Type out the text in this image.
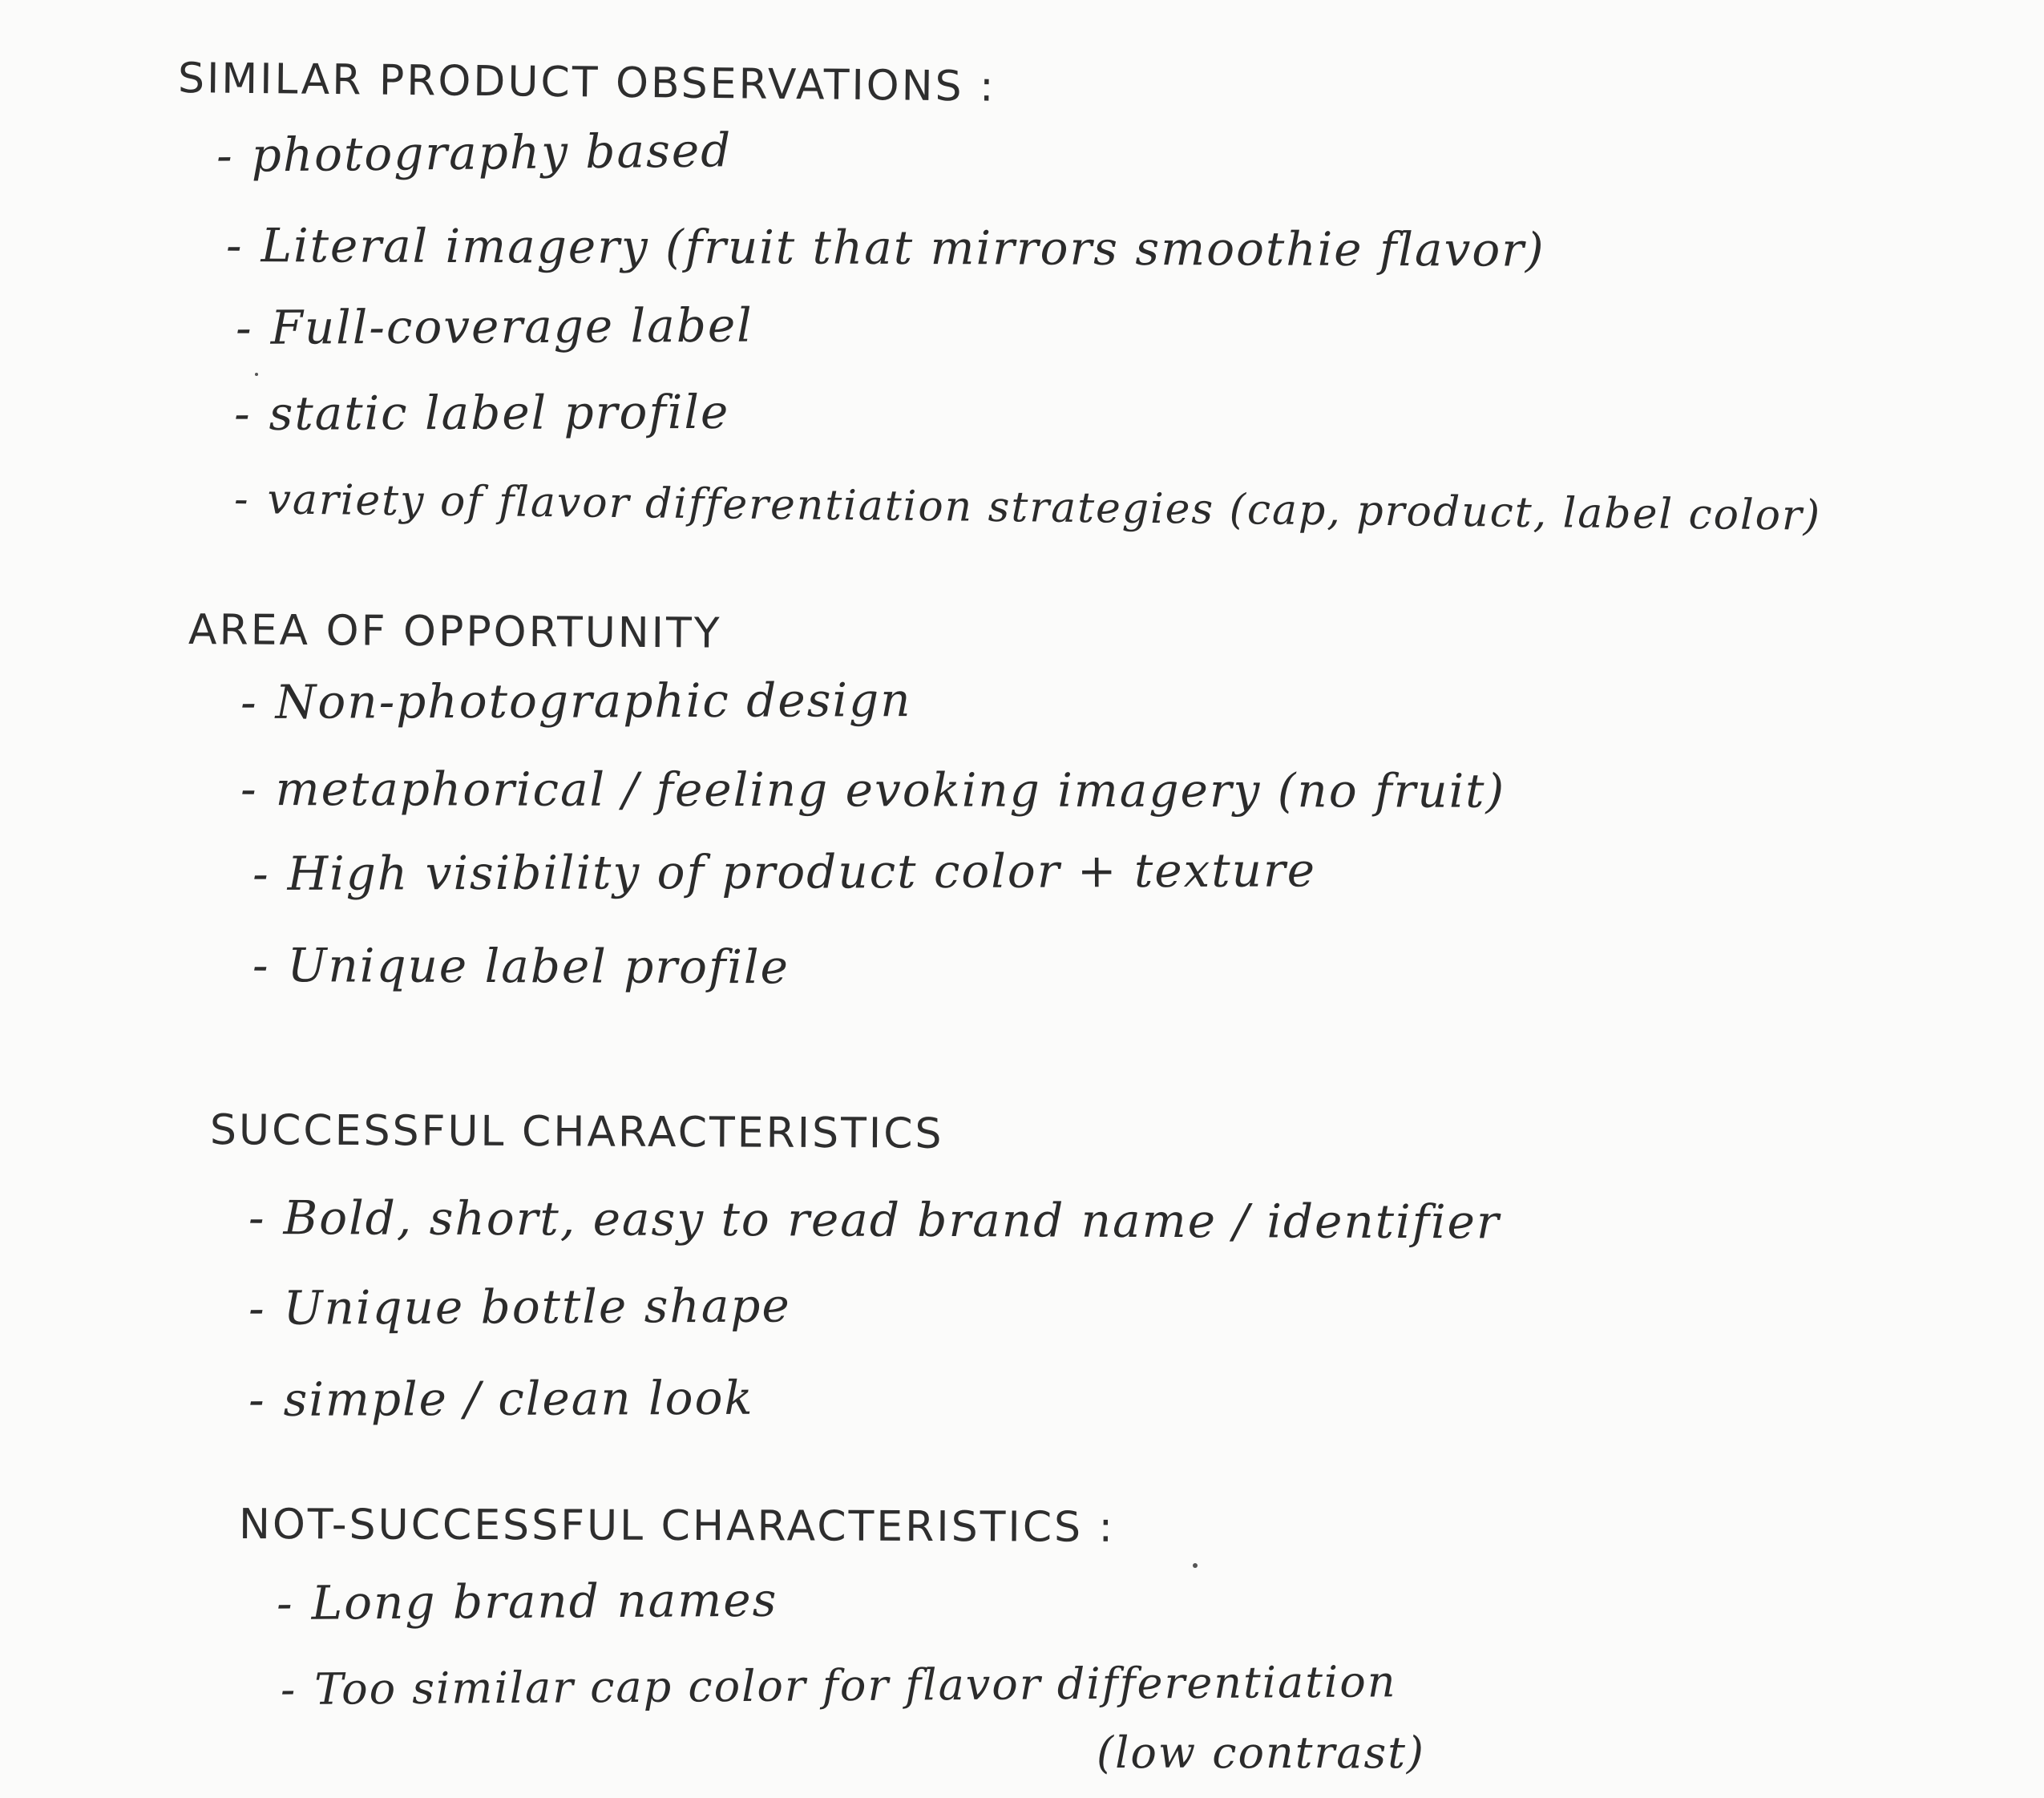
SIMILAR PRODUCT OBSERVATIONS :
- photography based
- Literal imagery (fruit that mirrors smoothie flavor)
- Full-coverage label
- static label profile
- variety of flavor differentiation strategies (cap, product, label color)
AREA OF OPPORTUNITY
- Non-photographic design
- metaphorical / feeling evoking imagery (no fruit)
- High visibility of product color + texture
- Unique label profile
SUCCESSFUL CHARACTERISTICS
- Bold, short, easy to read brand name / identifier
- Unique bottle shape
- simple / clean look
NOT-SUCCESSFUL CHARACTERISTICS :
- Long brand names
- Too similar cap color for flavor differentiation
(low contrast)
